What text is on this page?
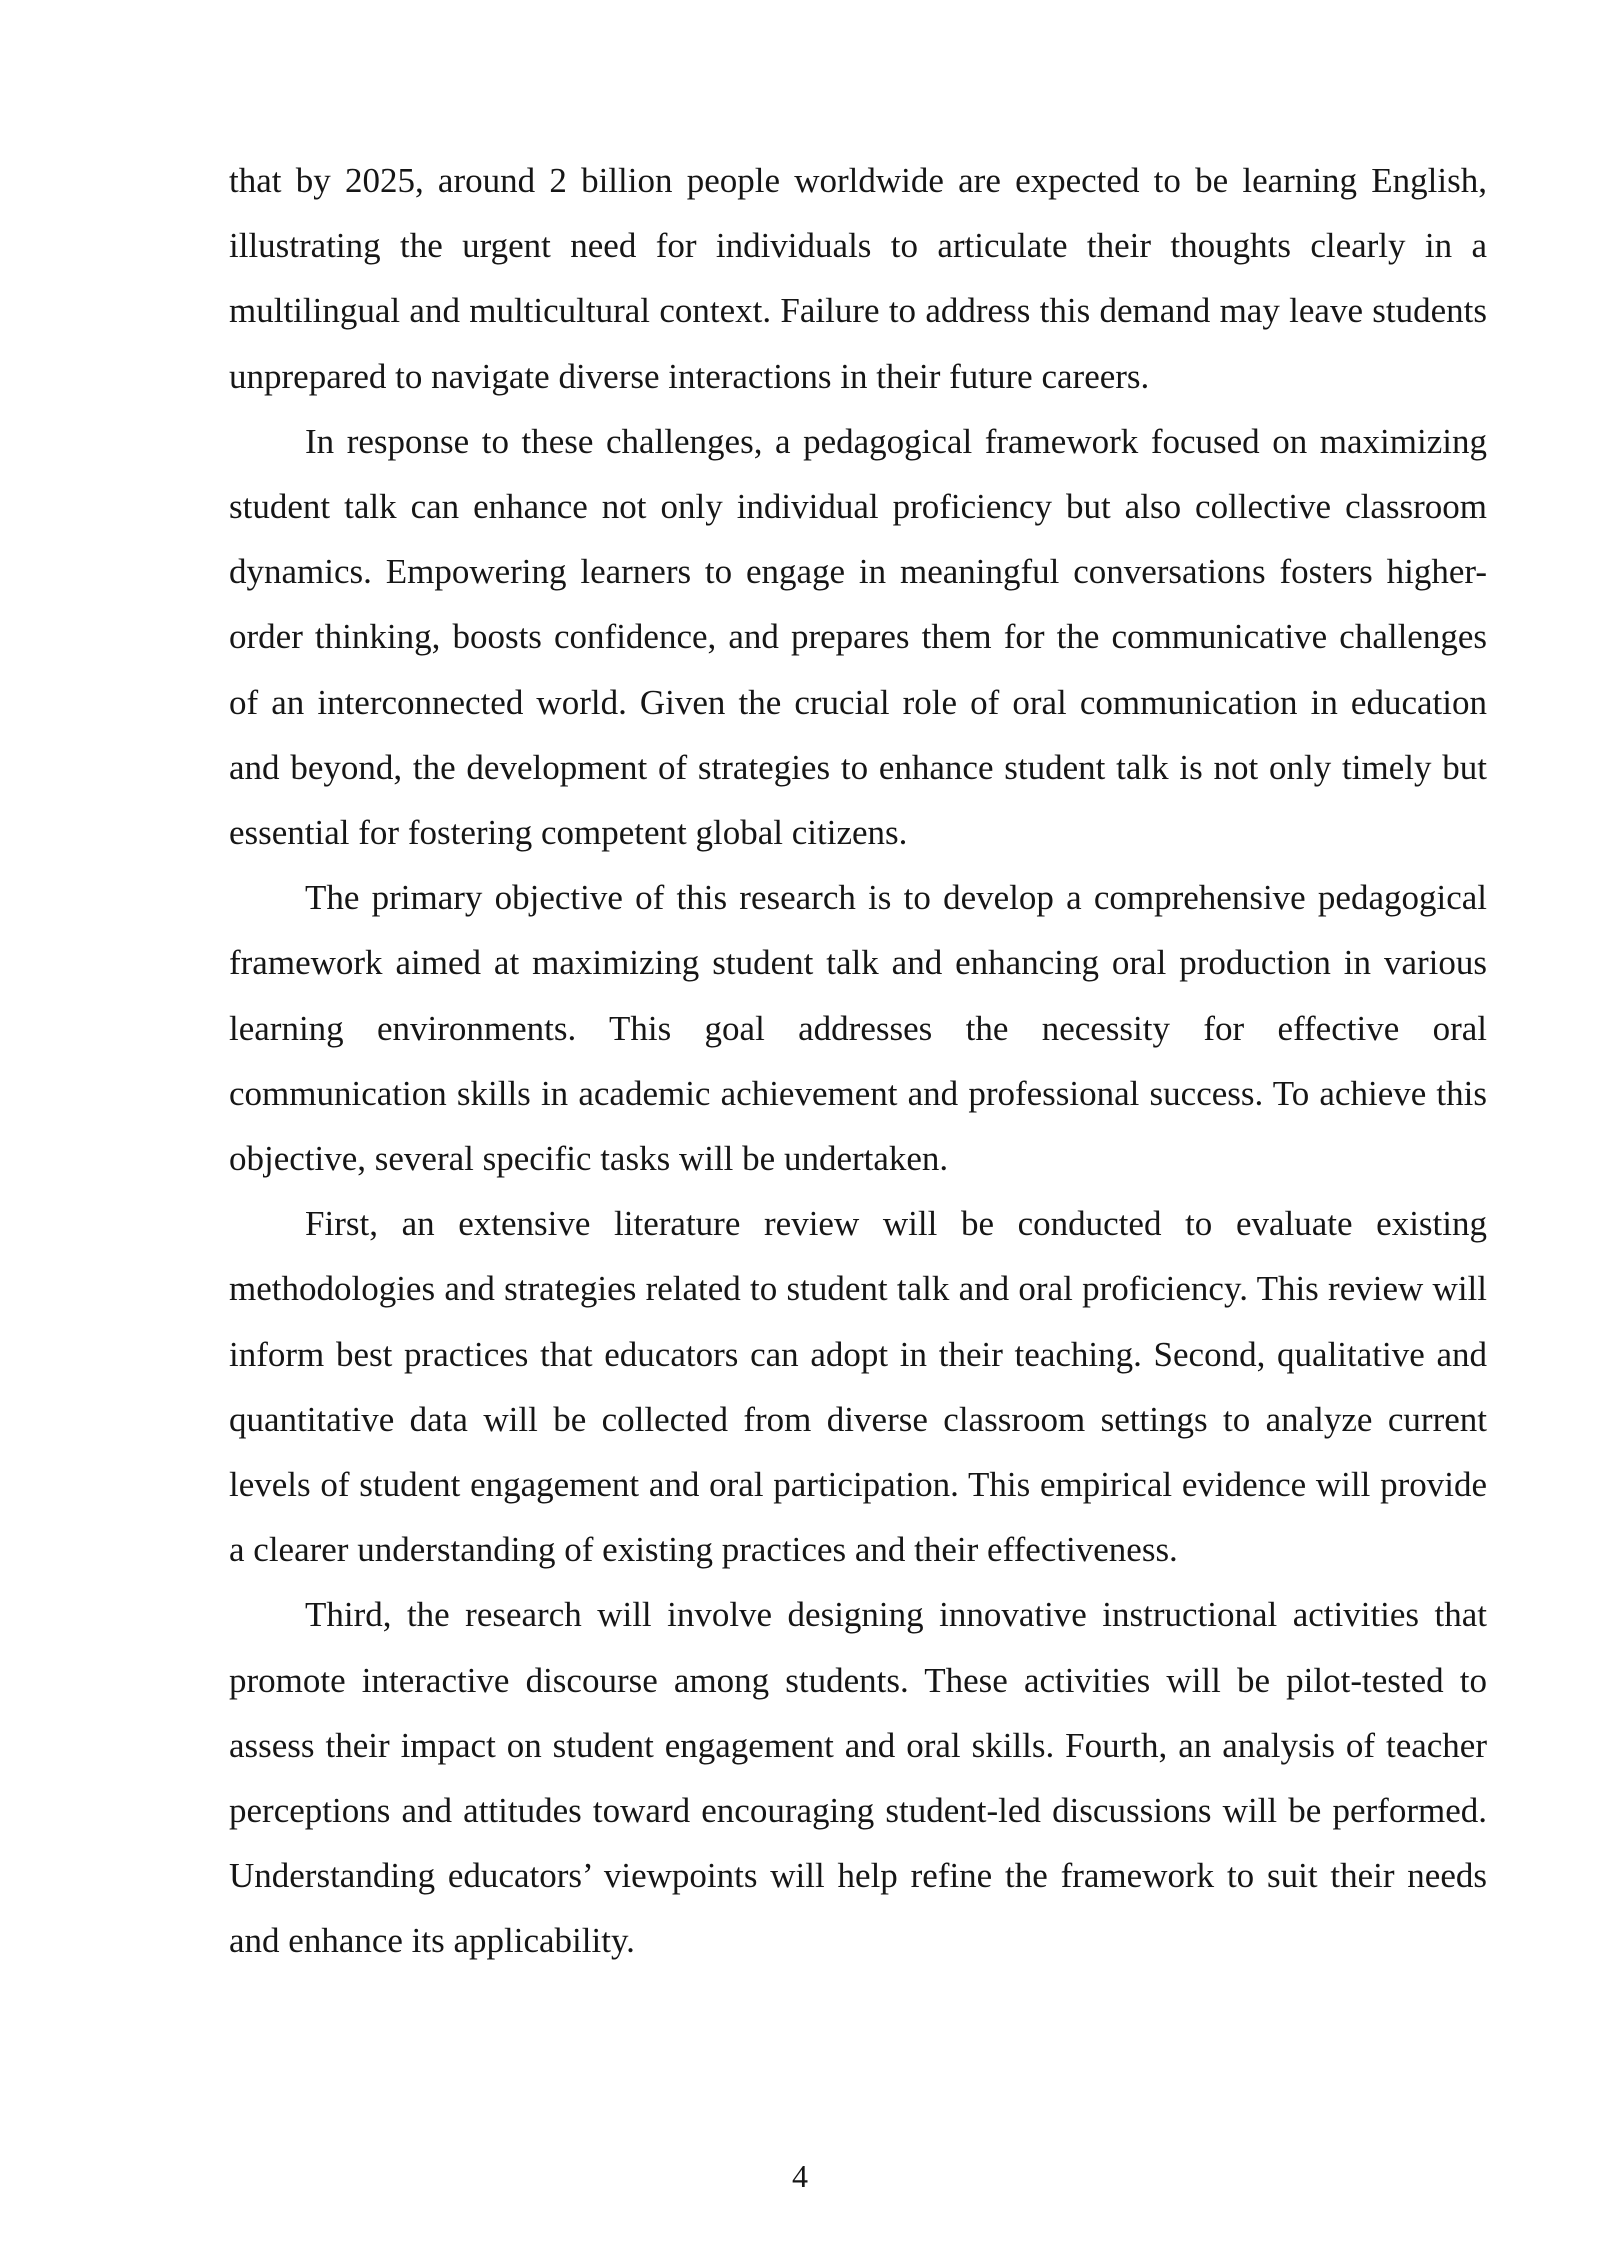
that by 2025, around 2 billion people worldwide are expected to be learning English, illustrating the urgent need for individuals to articulate their thoughts clearly in a multilingual and multicultural context. Failure to address this demand may leave students unprepared to navigate diverse interactions in their future careers.

In response to these challenges, a pedagogical framework focused on maximizing student talk can enhance not only individual proficiency but also collective classroom dynamics. Empowering learners to engage in meaningful conversations fosters higher-order thinking, boosts confidence, and prepares them for the communicative challenges of an interconnected world. Given the crucial role of oral communication in education and beyond, the development of strategies to enhance student talk is not only timely but essential for fostering competent global citizens.

The primary objective of this research is to develop a comprehensive pedagogical framework aimed at maximizing student talk and enhancing oral production in various learning environments. This goal addresses the necessity for effective oral communication skills in academic achievement and professional success. To achieve this objective, several specific tasks will be undertaken.

First, an extensive literature review will be conducted to evaluate existing methodologies and strategies related to student talk and oral proficiency. This review will inform best practices that educators can adopt in their teaching. Second, qualitative and quantitative data will be collected from diverse classroom settings to analyze current levels of student engagement and oral participation. This empirical evidence will provide a clearer understanding of existing practices and their effectiveness.

Third, the research will involve designing innovative instructional activities that promote interactive discourse among students. These activities will be pilot-tested to assess their impact on student engagement and oral skills. Fourth, an analysis of teacher perceptions and attitudes toward encouraging student-led discussions will be performed. Understanding educators’ viewpoints will help refine the framework to suit their needs and enhance its applicability.

4
